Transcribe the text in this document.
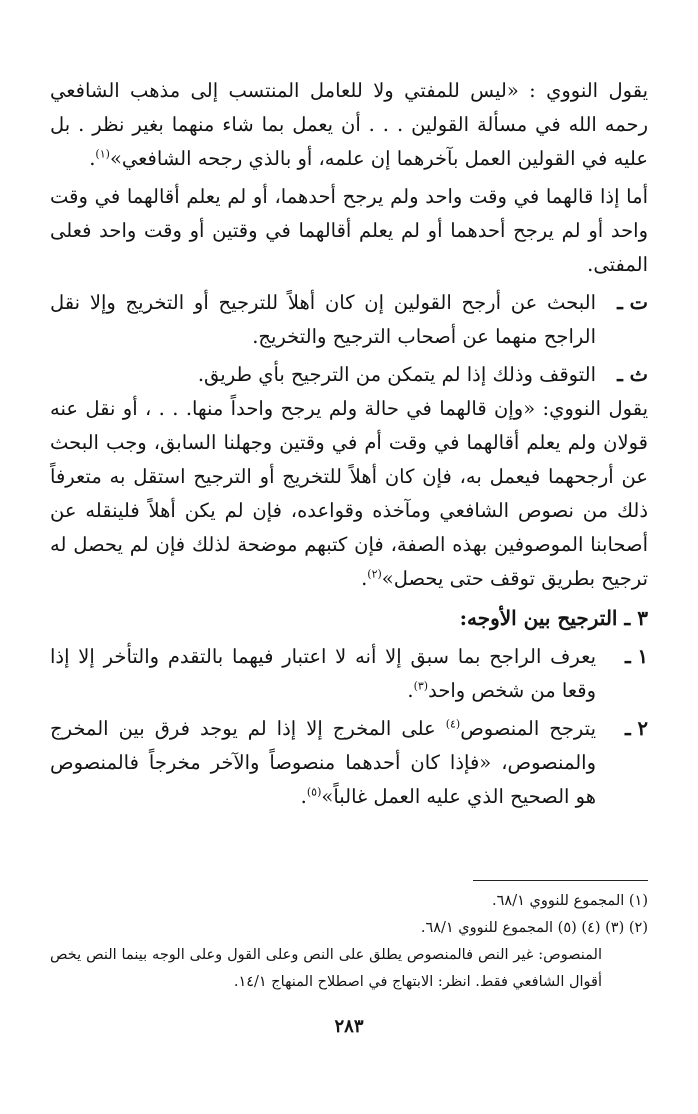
يقول النووي : «ليس للمفتي ولا للعامل المنتسب إلى مذهب الشافعي رحمه الله في مسألة القولين . . . أن يعمل بما شاء منهما بغير نظر . بل عليه في القولين العمل بآخرهما إن علمه، أو بالذي رجحه الشافعي»$^{(١)}$.

أما إذا قالهما في وقت واحد ولم يرجح أحدهما، أو لم يعلم أقالهما في وقت واحد أو لم يرجح أحدهما أو لم يعلم أقالهما في وقتين أو وقت واحد فعلى المفتى.

ت ـ
البحث عن أرجح القولين إن كان أهلاً للترجيح أو التخريج وإلا نقل الراجح منهما عن أصحاب الترجيح والتخريج.
ث ـ
التوقف وذلك إذا لم يتمكن من الترجيح بأي طريق.

يقول النووي: «وإن قالهما في حالة ولم يرجح واحداً منها. . . ، أو نقل عنه قولان ولم يعلم أقالهما في وقت أم في وقتين وجهلنا السابق، وجب البحث عن أرجحهما فيعمل به، فإن كان أهلاً للتخريج أو الترجيح استقل به متعرفاً ذلك من نصوص الشافعي ومآخذه وقواعده، فإن لم يكن أهلاً فلينقله عن أصحابنا الموصوفين بهذه الصفة، فإن كتبهم موضحة لذلك فإن لم يحصل له ترجيح بطريق توقف حتى يحصل»$^{(٢)}$.

٣ ـ الترجيح بين الأوجه:

١ ـ
يعرف الراجح بما سبق إلا أنه لا اعتبار فيهما بالتقدم والتأخر إلا إذا وقعا من شخص واحد$^{(٣)}$.
٢ ـ
يترجح المنصوص$^{(٤)}$ على المخرج إلا إذا لم يوجد فرق بين المخرج والمنصوص، «فإذا كان أحدهما منصوصاً والآخر مخرجاً فالمنصوص هو الصحيح الذي عليه العمل غالباً»$^{(٥)}$.

(١) المجموع للنووي ٦٨/١.

(٢) (٣) (٤) (٥) المجموع للنووي ٦٨/١.

المنصوص: غير النص فالمنصوص يطلق على النص وعلى القول وعلى الوجه بينما النص يخص أقوال الشافعي فقط. انظر: الابتهاج في اصطلاح المنهاج ١٤/١.

٢٨٣
